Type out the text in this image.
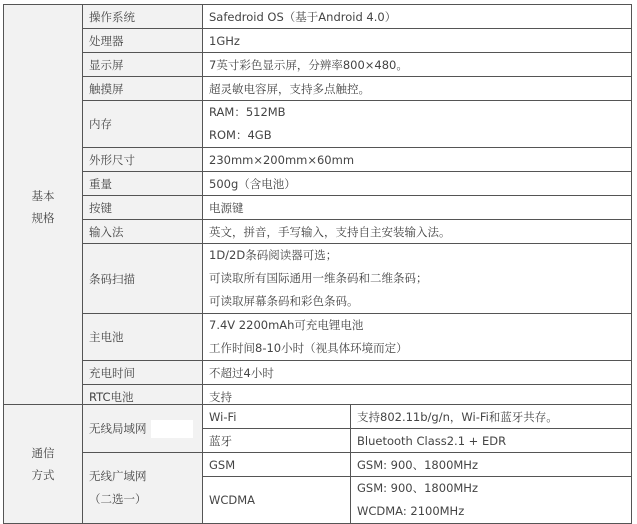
基本
规格	操作系统	Safedroid OS（基于Android 4.0）
	处理器	1GHz
	显示屏	7英寸彩色显示屏，分辨率800×480。
	触摸屏	超灵敏电容屏，支持多点触控。
	内存	RAM：512MB
ROM：4GB

	外形尺寸	230mm×200mm×60mm
	重量	500g（含电池）
	按键	电源键
	输入法	英文，拼音，手写输入，支持自主安装输入法。
	条码扫描	1D/2D条码阅读器可选；
可读取所有国际通用一维条码和二维条码；
可读取屏幕条码和彩色条码。

	主电池	7.4V 2200mAh可充电锂电池
工作时间8-10小时（视具体环境而定）

	充电时间	不超过4小时
	RTC电池	支持
通信
方式	无线局域网	Wi-Fi	支持802.11b/g/n，Wi-Fi和蓝牙共存。
		蓝牙	Bluetooth Class2.1 + EDR

	无线广域网
（二选一）	GSM	GSM: 900、1800MHz
		WCDMA	GSM: 900、1800MHz
WCDMA: 2100MHz
